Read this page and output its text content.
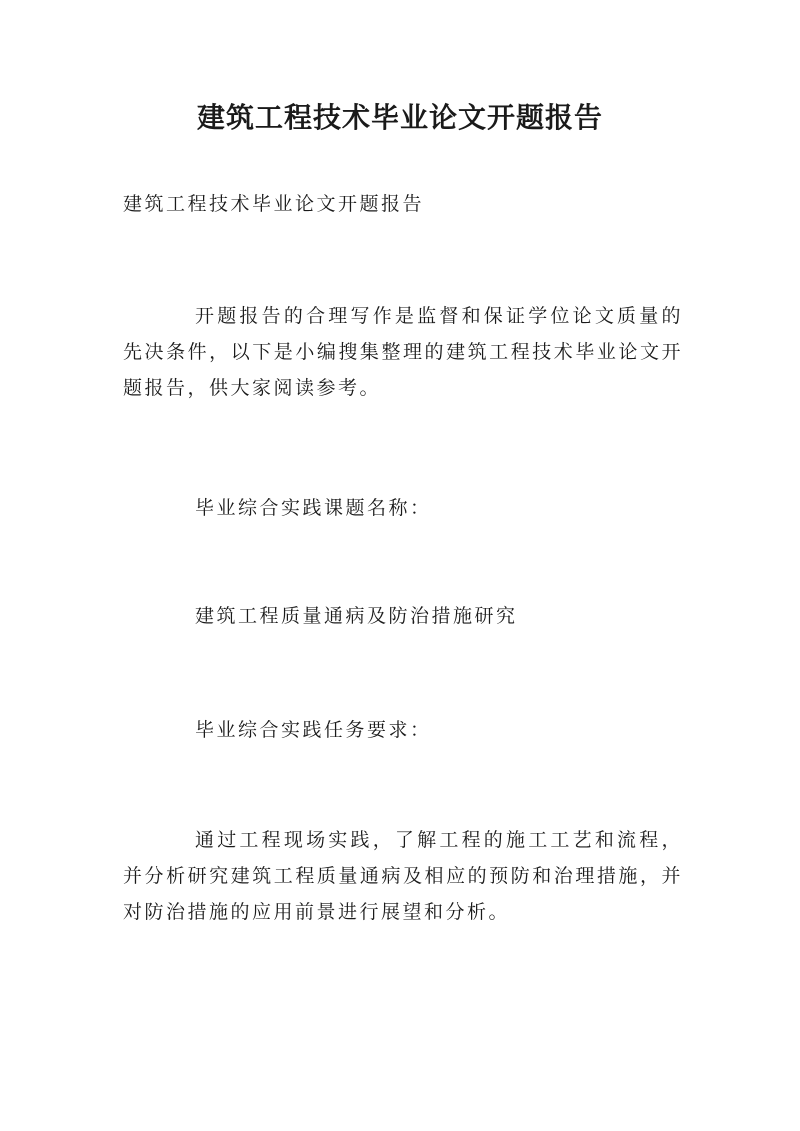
建筑工程技术毕业论文开题报告
建筑工程技术毕业论文开题报告
开题报告的合理写作是监督和保证学位论文质量的先决条件，以下是小编搜集整理的建筑工程技术毕业论文开题报告，供大家阅读参考。
毕业综合实践课题名称：
建筑工程质量通病及防治措施研究
毕业综合实践任务要求：
通过工程现场实践，了解工程的施工工艺和流程，并分析研究建筑工程质量通病及相应的预防和治理措施，并对防治措施的应用前景进行展望和分析。
